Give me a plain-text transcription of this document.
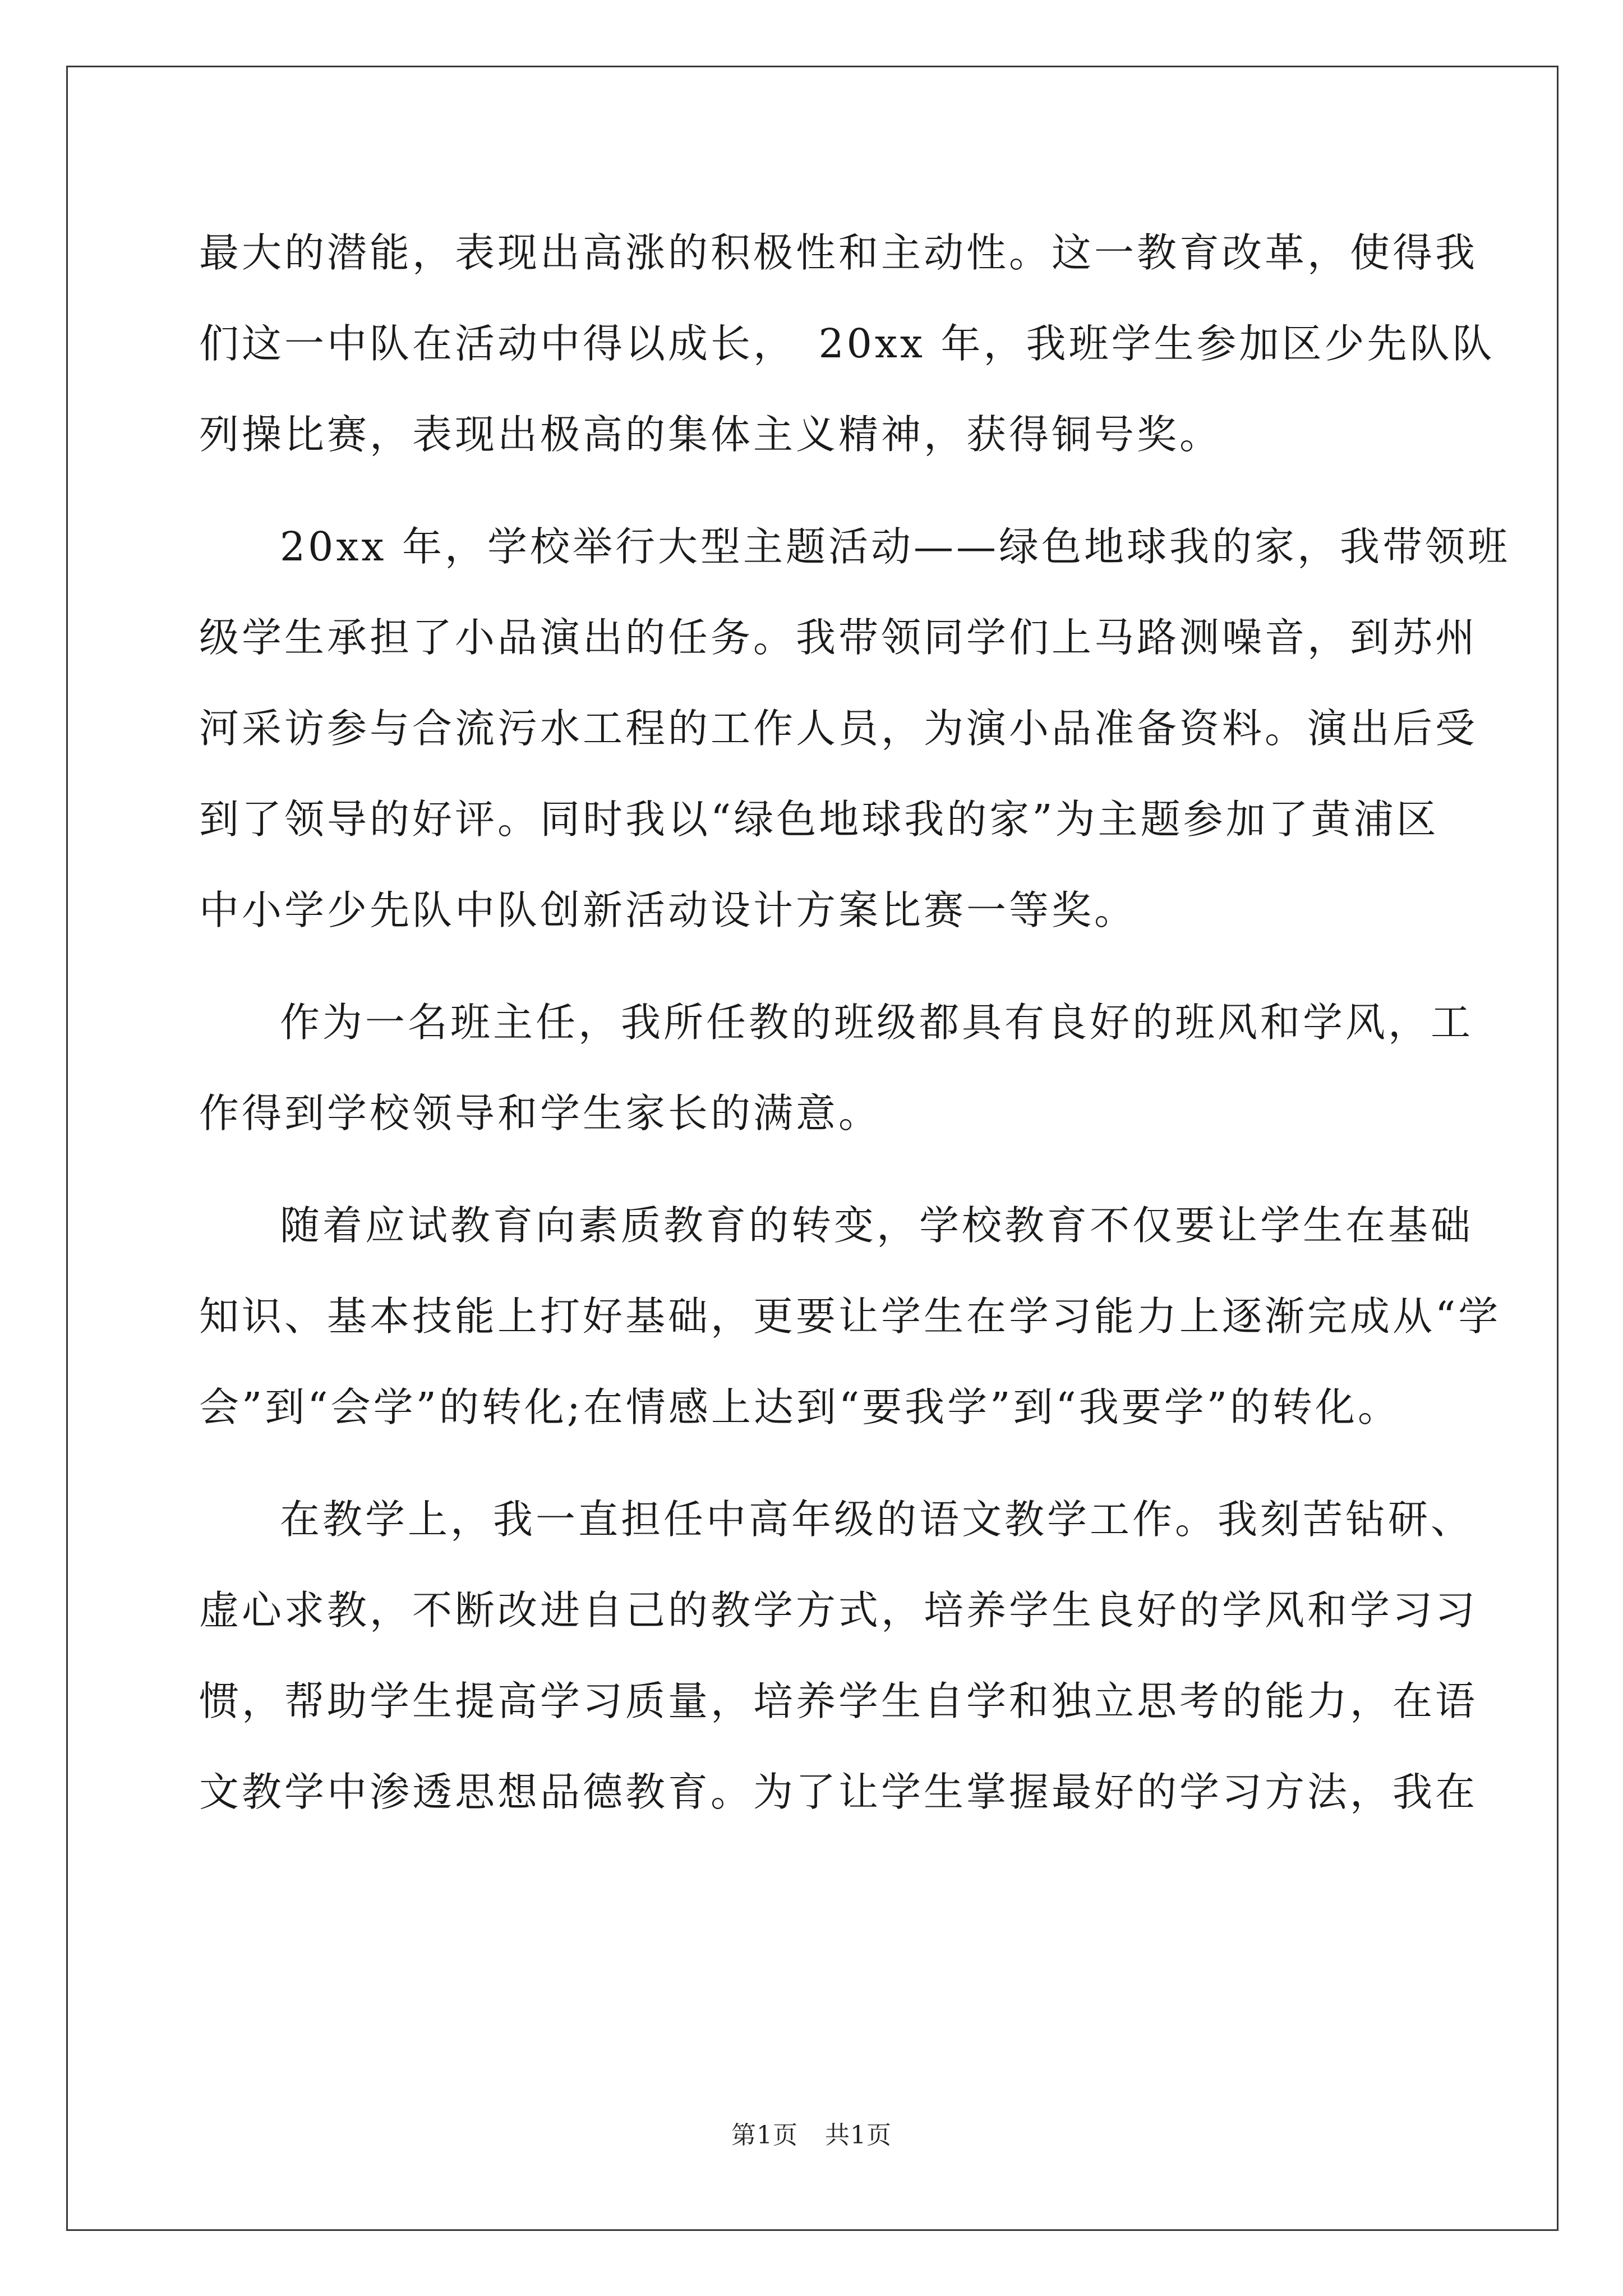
最大的潜能，表现出高涨的积极性和主动性。这一教育改革，使得我
们这一中队在活动中得以成长，　20xx 年，我班学生参加区少先队队
列操比赛，表现出极高的集体主义精神，获得铜号奖。
20xx 年，学校举行大型主题活动——绿色地球我的家，我带领班
级学生承担了小品演出的任务。我带领同学们上马路测噪音，到苏州
河采访参与合流污水工程的工作人员，为演小品准备资料。演出后受
到了领导的好评。同时我以“绿色地球我的家”为主题参加了黄浦区
中小学少先队中队创新活动设计方案比赛一等奖。
作为一名班主任，我所任教的班级都具有良好的班风和学风，工
作得到学校领导和学生家长的满意。
随着应试教育向素质教育的转变，学校教育不仅要让学生在基础
知识、基本技能上打好基础，更要让学生在学习能力上逐渐完成从“学
会”到“会学”的转化;在情感上达到“要我学”到“我要学”的转化。
在教学上，我一直担任中高年级的语文教学工作。我刻苦钻研、
虚心求教，不断改进自己的教学方式，培养学生良好的学风和学习习
惯，帮助学生提高学习质量，培养学生自学和独立思考的能力，在语
文教学中渗透思想品德教育。为了让学生掌握最好的学习方法，我在
第1页 共1页
